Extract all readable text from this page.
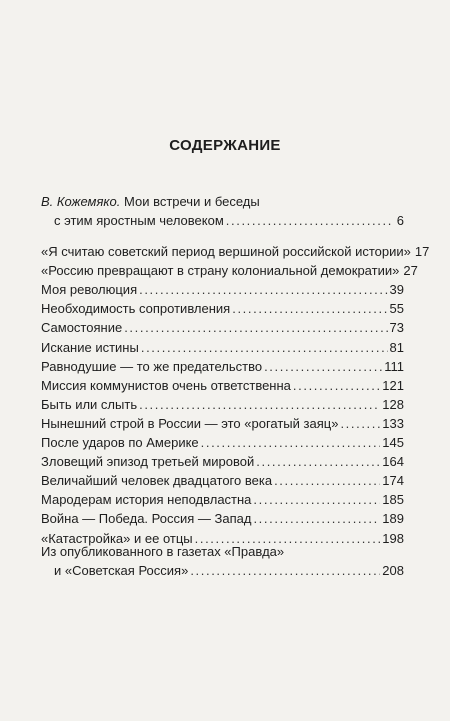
СОДЕРЖАНИЕ
В. Кожемяко. Мои встречи и беседы
с этим яростным человеком . . .	6
«Я считаю советский период вершиной российской истории» 17
«Россию превращают в страну колониальной демократии» 27
Моя революция . . .	39
Необходимость сопротивления . . .	55
Самостояние . . .	73
Искание истины . . .	81
Равнодушие — то же предательство . . .	111
Миссия коммунистов очень ответственна . . .	121
Быть или слыть . . .	128
Нынешний строй в России — это «рогатый заяц» . . .	133
После ударов по Америке . . .	145
Зловещий эпизод третьей мировой . . .	164
Величайший человек двадцатого века . . .	174
Мародерам история неподвластна . . .	185
Война — Победа. Россия — Запад . . .	189
«Катастройка» и ее отцы . . .	198
Из опубликованного в газетах «Правда»
и «Советская Россия» . . .	208
